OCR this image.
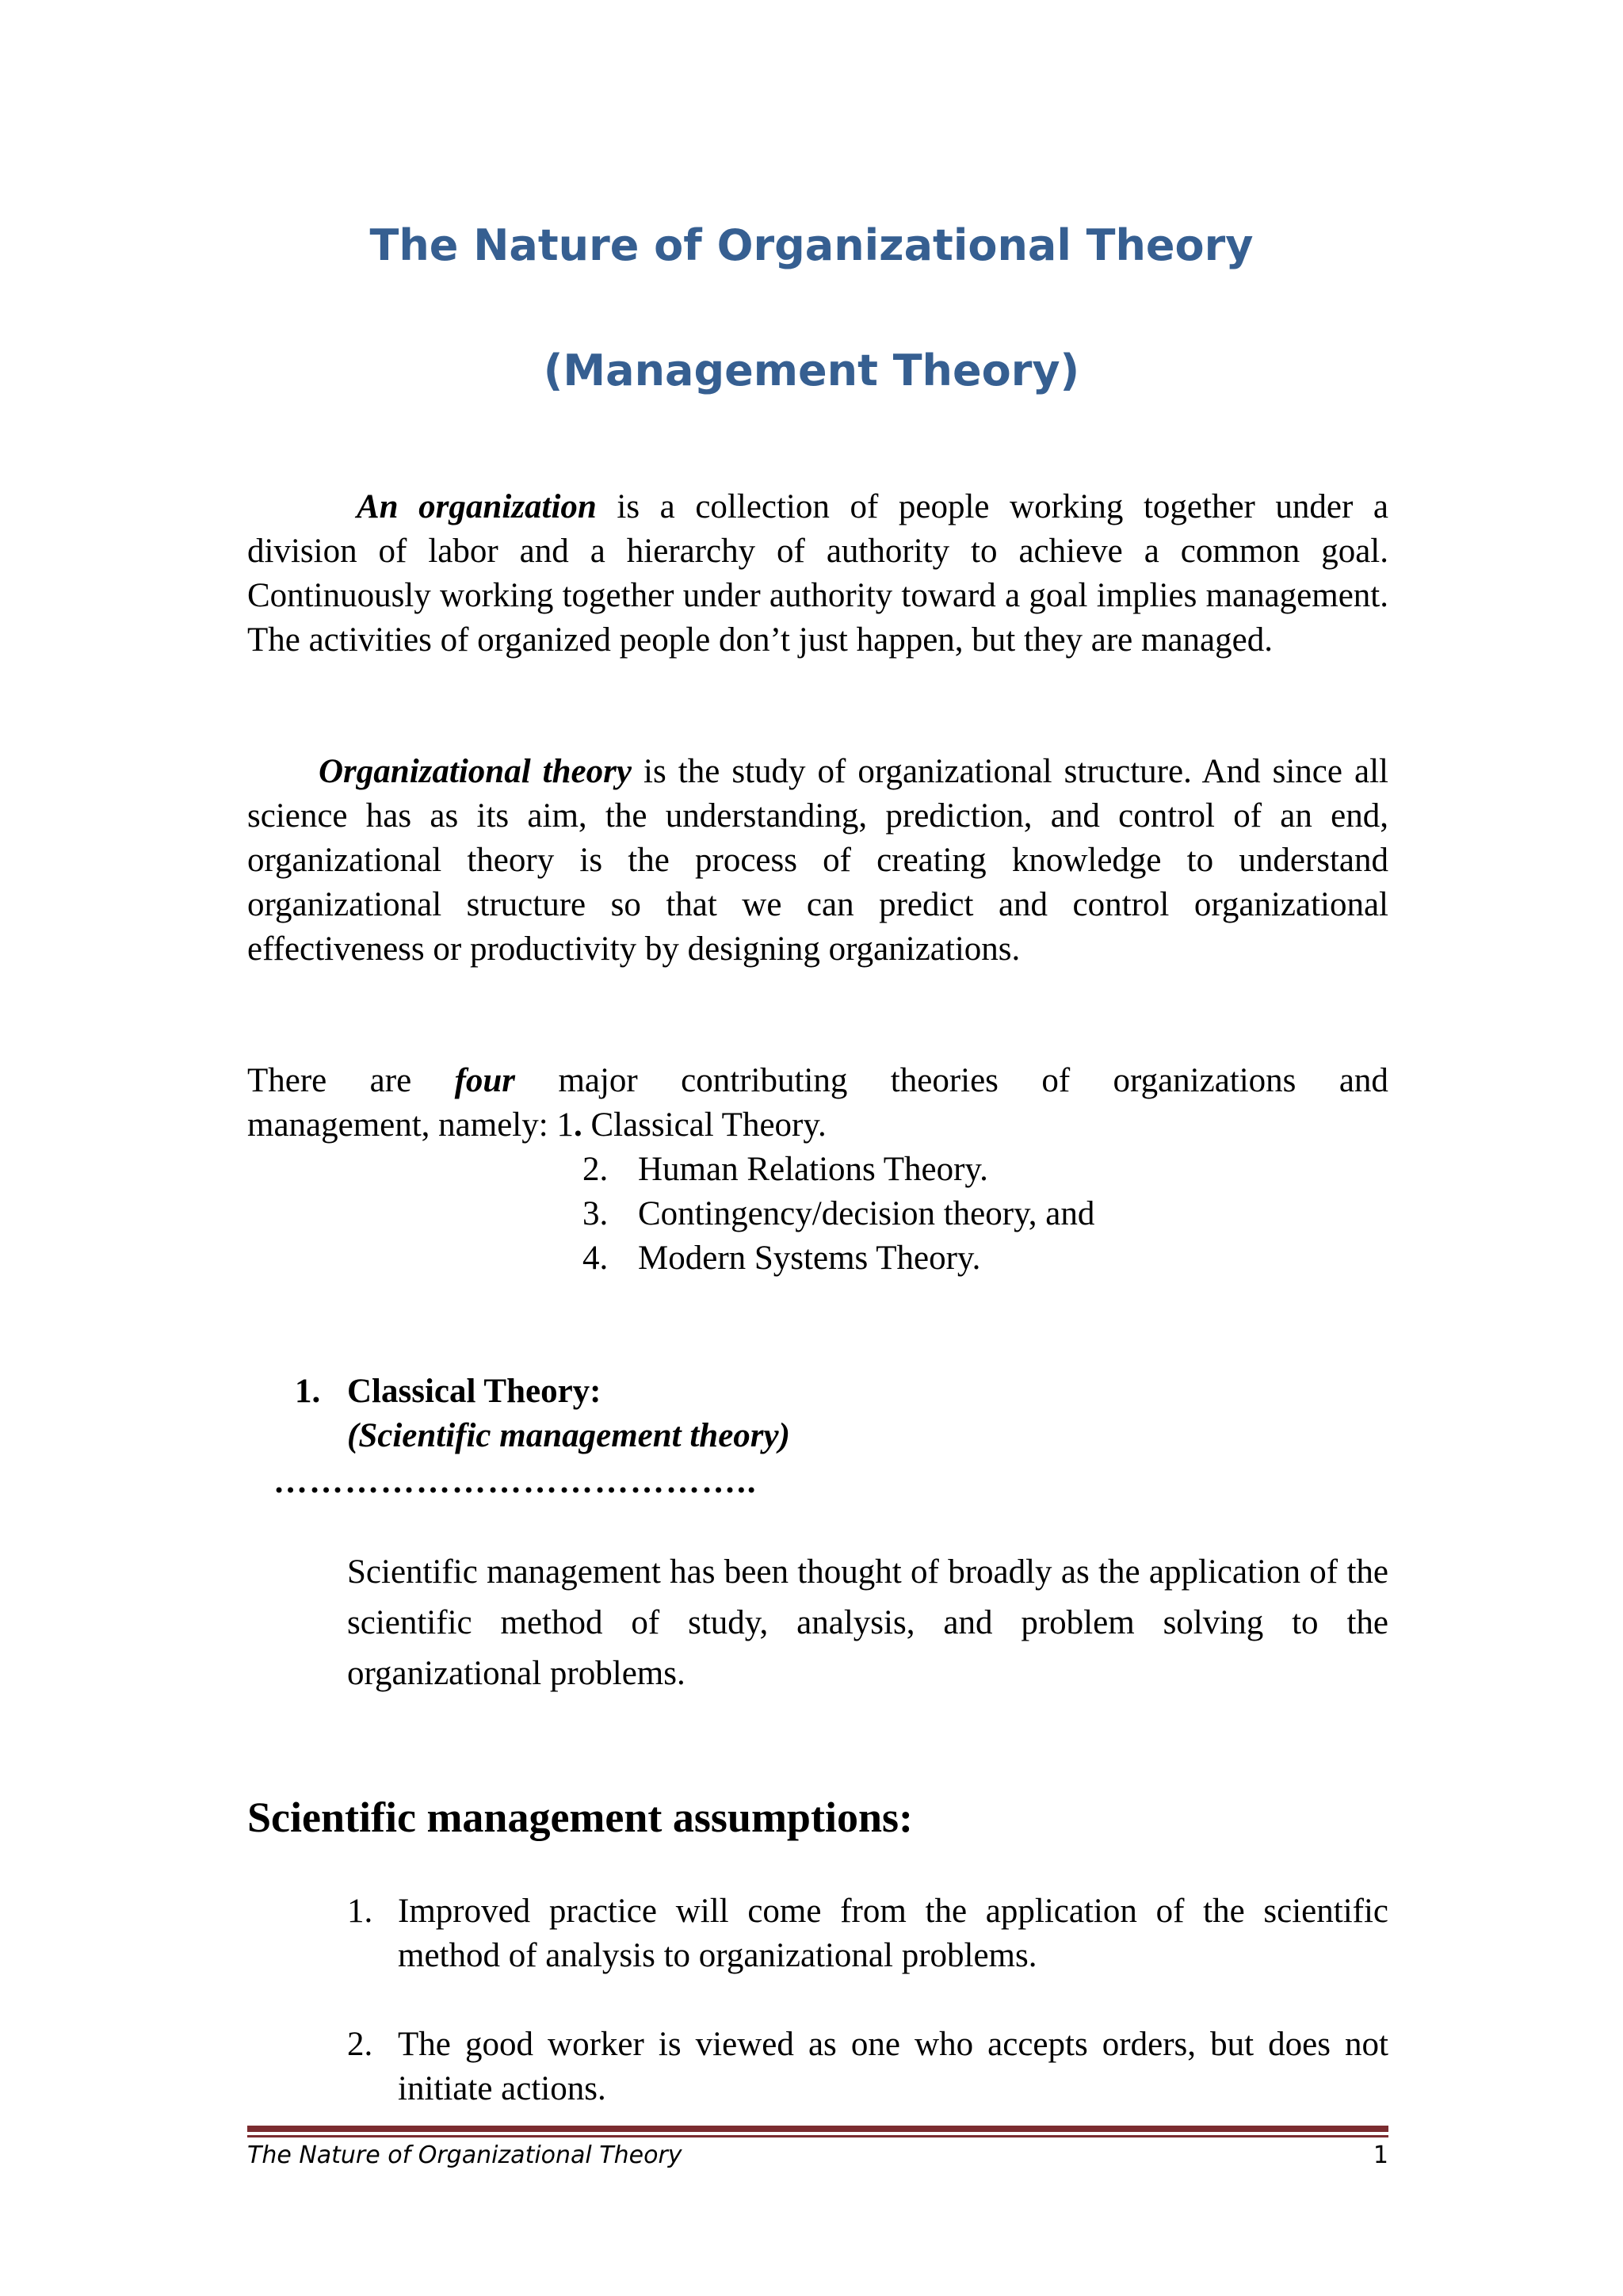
The Nature of Organizational Theory
(Management Theory)

An organization is a collection of people working together under a division of labor and a hierarchy of authority to achieve a common goal. Continuously working together under authority toward a goal implies management. The activities of organized people don’t just happen, but they are managed.

Organizational theory is the study of organizational structure. And since all science has as its aim, the understanding, prediction, and control of an end, organizational theory is the process of creating knowledge to understand organizational structure so that we can predict and control organizational effectiveness or productivity by designing organizations.

There are four major contributing theories of organizations and
management, namely: 1. Classical Theory.
2. Human Relations Theory.
3. Contingency/decision theory, and
4. Modern Systems Theory.

1. Classical Theory:

(Scientific management theory)

…………………………………..

Scientific management has been thought of broadly as the application of the scientific method of study, analysis, and problem solving to the organizational problems.

Scientific management assumptions:
1. Improved practice will come from the application of the scientific method of analysis to organizational problems.
2. The good worker is viewed as one who accepts orders, but does not initiate actions.

The Nature of Organizational Theory	1
